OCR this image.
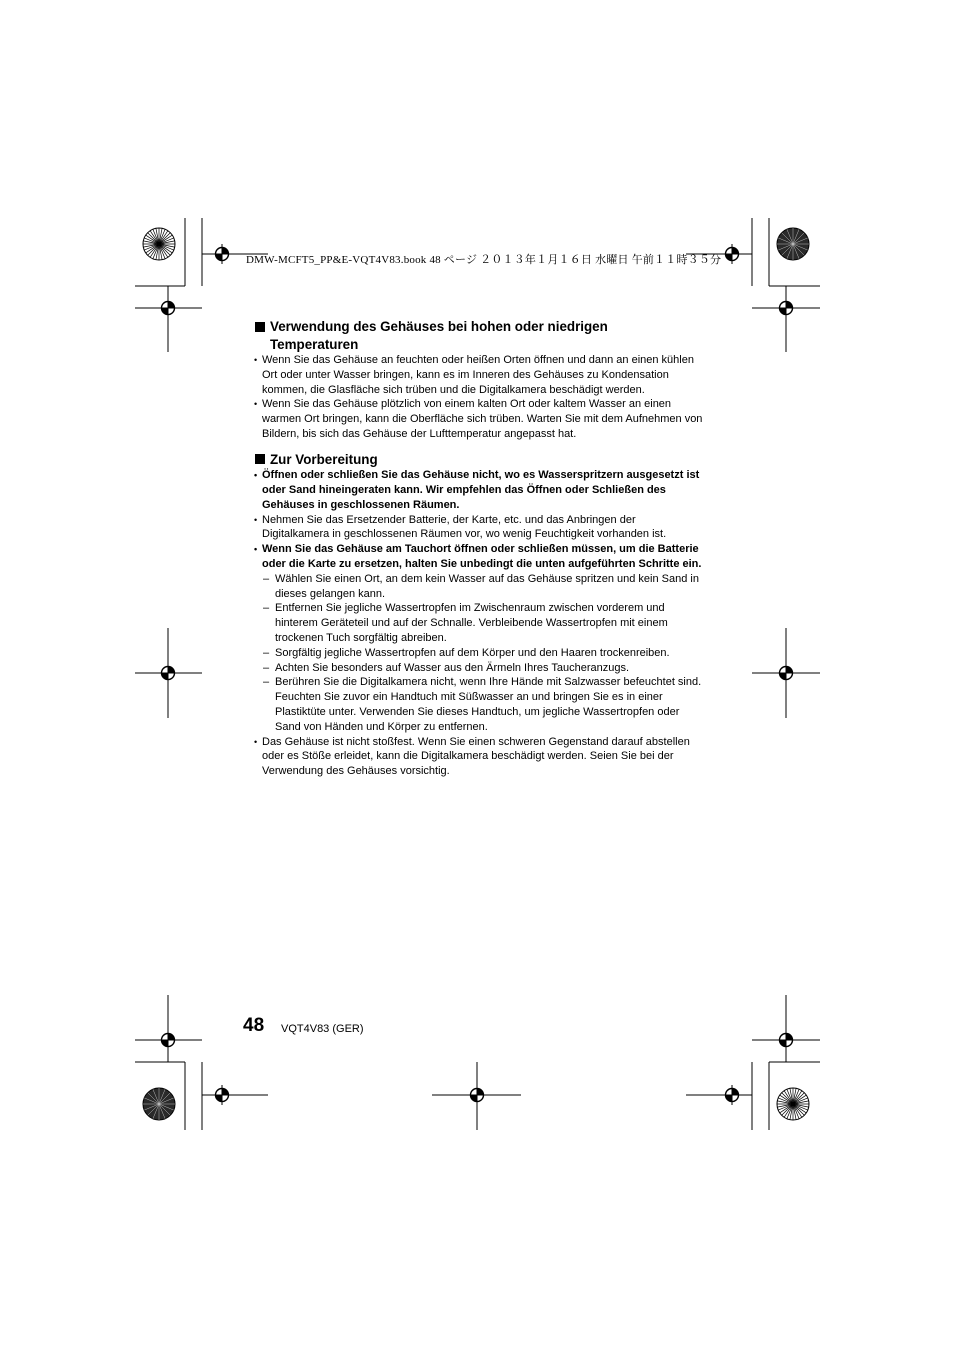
DMW-MCFT5_PP&E-VQT4V83.book 48 ページ ２０１３年１月１６日 水曜日 午前１１時３５分
Verwendung des Gehäuses bei hohen oder niedrigen
Temperaturen

• Wenn Sie das Gehäuse an feuchten oder heißen Orten öffnen und dann an einen kühlen Ort oder unter Wasser bringen, kann es im Inneren des Gehäuses zu Kondensation kommen, die Glasfläche sich trüben und die Digitalkamera beschädigt werden.

• Wenn Sie das Gehäuse plötzlich von einem kalten Ort oder kaltem Wasser an einen warmen Ort bringen, kann die Oberfläche sich trüben. Warten Sie mit dem Aufnehmen von Bildern, bis sich das Gehäuse der Lufttemperatur angepasst hat.

Zur Vorbereitung

• Öffnen oder schließen Sie das Gehäuse nicht, wo es Wasserspritzern ausgesetzt ist oder Sand hineingeraten kann. Wir empfehlen das Öffnen oder Schließen des Gehäuses in geschlossenen Räumen.

• Nehmen Sie das Ersetzender Batterie, der Karte, etc. und das Anbringen der Digitalkamera in geschlossenen Räumen vor, wo wenig Feuchtigkeit vorhanden ist.

• Wenn Sie das Gehäuse am Tauchort öffnen oder schließen müssen, um die Batterie oder die Karte zu ersetzen, halten Sie unbedingt die unten aufgeführten Schritte ein.

– Wählen Sie einen Ort, an dem kein Wasser auf das Gehäuse spritzen und kein Sand in dieses gelangen kann.

– Entfernen Sie jegliche Wassertropfen im Zwischenraum zwischen vorderem und hinterem Geräteteil und auf der Schnalle. Verbleibende Wassertropfen mit einem trockenen Tuch sorgfältig abreiben.

– Sorgfältig jegliche Wassertropfen auf dem Körper und den Haaren trockenreiben.

– Achten Sie besonders auf Wasser aus den Ärmeln Ihres Taucheranzugs.

– Berühren Sie die Digitalkamera nicht, wenn Ihre Hände mit Salzwasser befeuchtet sind. Feuchten Sie zuvor ein Handtuch mit Süßwasser an und bringen Sie es in einer Plastiktüte unter. Verwenden Sie dieses Handtuch, um jegliche Wassertropfen oder Sand von Händen und Körper zu entfernen.

• Das Gehäuse ist nicht stoßfest. Wenn Sie einen schweren Gegenstand darauf abstellen oder es Stöße erleidet, kann die Digitalkamera beschädigt werden. Seien Sie bei der Verwendung des Gehäuses vorsichtig.

48 VQT4V83 (GER)
